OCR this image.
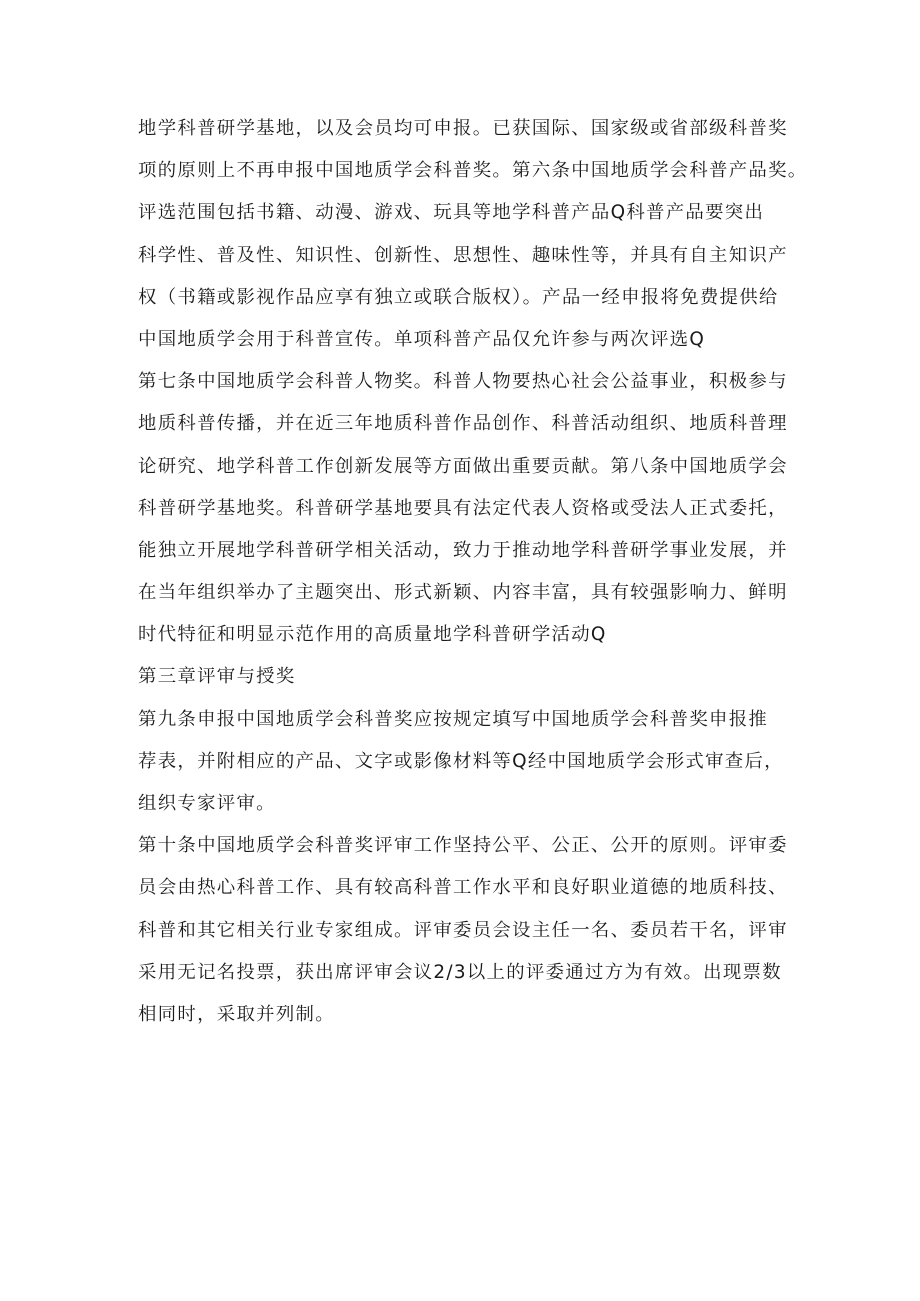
地学科普研学基地，以及会员均可申报。已获国际、国家级或省部级科普奖
项的原则上不再申报中国地质学会科普奖。第六条中国地质学会科普产品奖。
评选范围包括书籍、动漫、游戏、玩具等地学科普产品Q科普产品要突出
科学性、普及性、知识性、创新性、思想性、趣味性等，并具有自主知识产
权（书籍或影视作品应享有独立或联合版权）。产品一经申报将免费提供给
中国地质学会用于科普宣传。单项科普产品仅允许参与两次评选Q
第七条中国地质学会科普人物奖。科普人物要热心社会公益事业，积极参与
地质科普传播，并在近三年地质科普作品创作、科普活动组织、地质科普理
论研究、地学科普工作创新发展等方面做出重要贡献。第八条中国地质学会
科普研学基地奖。科普研学基地要具有法定代表人资格或受法人正式委托，
能独立开展地学科普研学相关活动，致力于推动地学科普研学事业发展，并
在当年组织举办了主题突出、形式新颖、内容丰富，具有较强影响力、鲜明
时代特征和明显示范作用的高质量地学科普研学活动Q
第三章评审与授奖
第九条申报中国地质学会科普奖应按规定填写中国地质学会科普奖申报推
荐表，并附相应的产品、文字或影像材料等Q经中国地质学会形式审查后，
组织专家评审。
第十条中国地质学会科普奖评审工作坚持公平、公正、公开的原则。评审委
员会由热心科普工作、具有较高科普工作水平和良好职业道德的地质科技、
科普和其它相关行业专家组成。评审委员会设主任一名、委员若干名，评审
采用无记名投票，获出席评审会议2/3以上的评委通过方为有效。出现票数
相同时，采取并列制。
